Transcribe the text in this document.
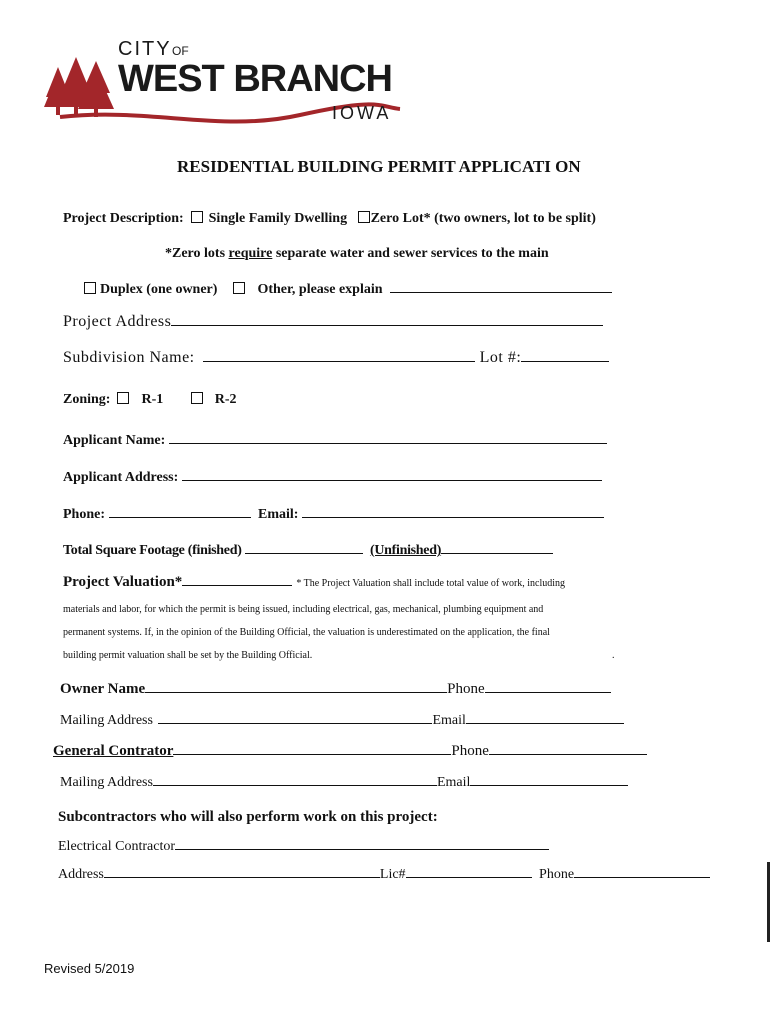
CITY OF
WEST BRANCH
IOWA
RESIDENTIAL BUILDING PERMIT APPLICATI ON
Project Description: Single Family Dwelling Zero Lot* (two owners, lot to be split)
*Zero lots require separate water and sewer services to the main
Duplex (one owner)	Other, please explain
Project Address
Subdivision Name:	Lot #:
Zoning: R-1	R-2
Applicant Name:
Applicant Address:
Phone:	Email:
Total Square Footage (finished)	(Unfinished)
Project Valuation*	* The Project Valuation shall include total value of work, including
materials and labor, for which the permit is being issued, including electrical, gas, mechanical, plumbing equipment and
permanent systems. If, in the opinion of the Building Official, the valuation is underestimated on the application, the final
building permit valuation shall be set by the Building Official.	.
Owner Name	Phone
Mailing Address	Email
General Contrator	Phone
Mailing Address	Email
Subcontractors who will also perform work on this project:
Electrical Contractor
Address	Lic#	Phone
Revised 5/2019
